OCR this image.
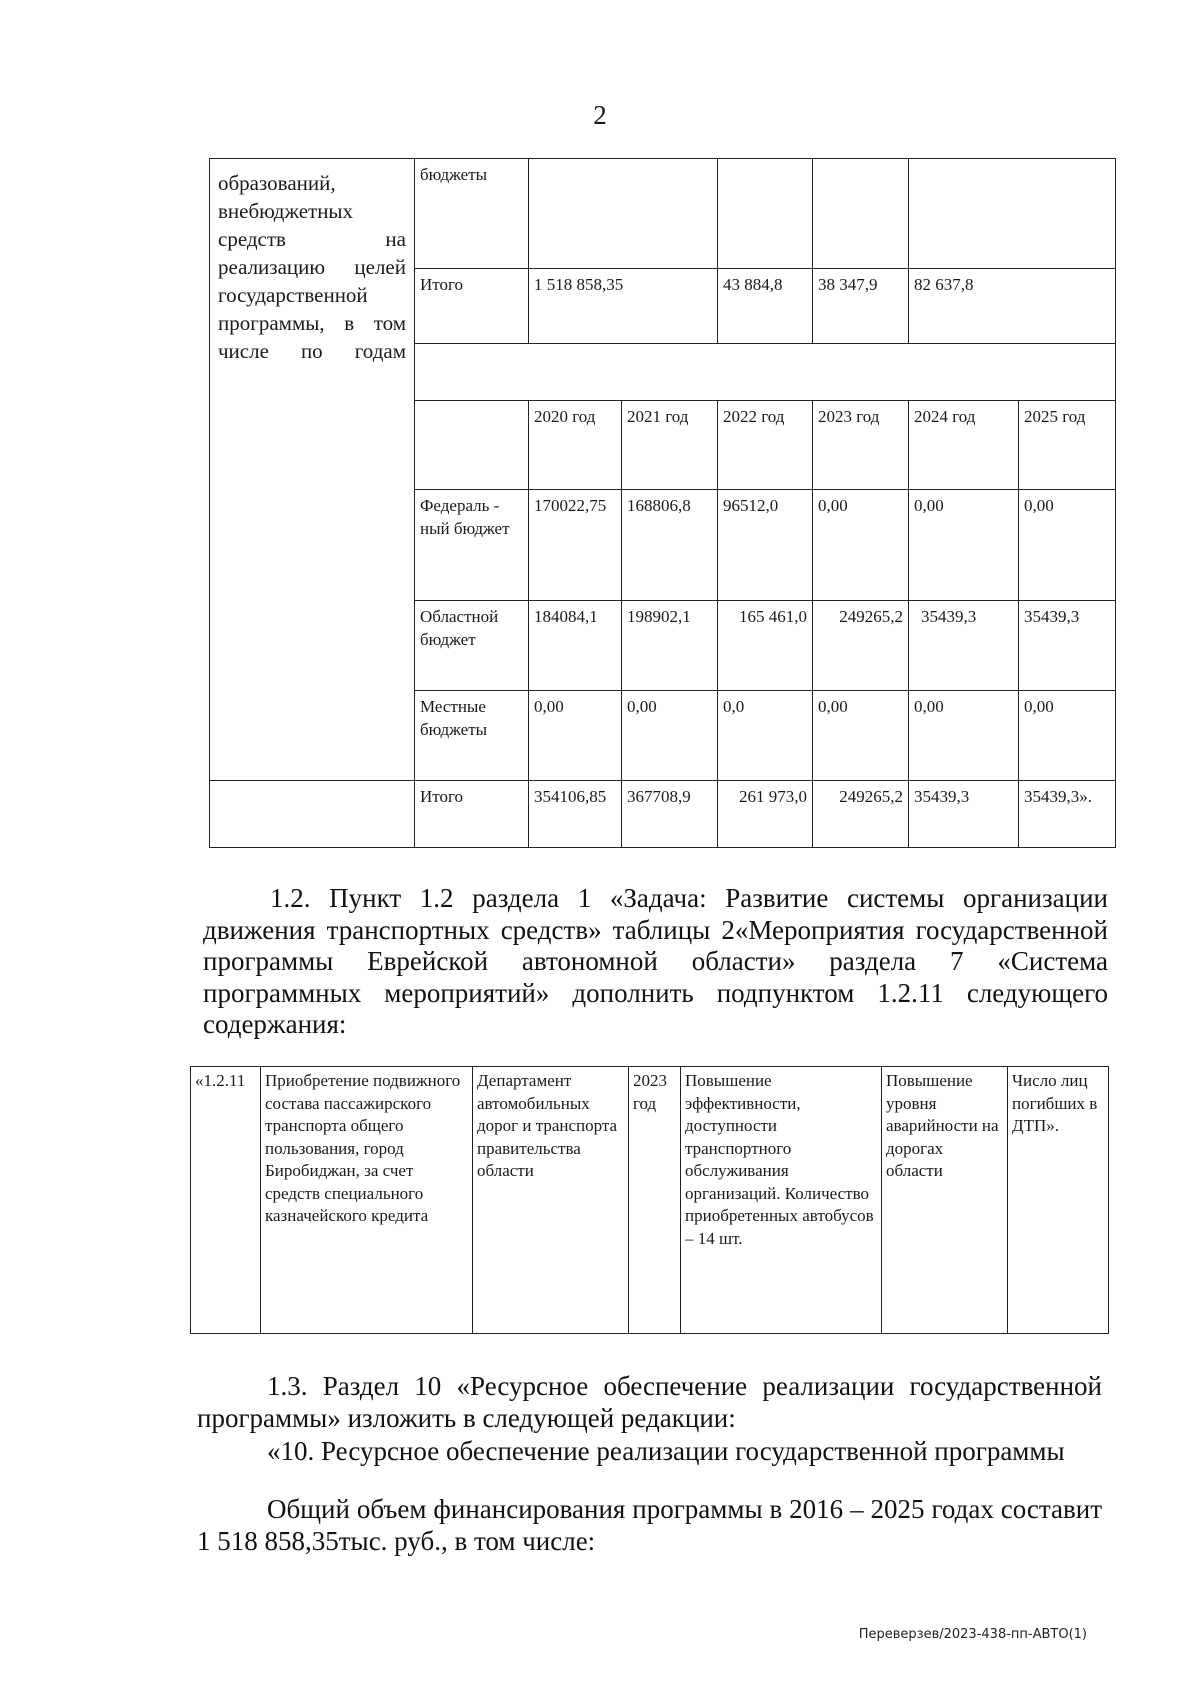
2
образований, внебюджетных средств на реализацию целей государственной программы, в том числе по годам	бюджеты							
	Итого	1 518 858,35		43 884,8	38 347,9	82 637,8	

		2020 год	2021 год	2022 год	2023 год	2024 год	2025 год	
	Федераль - ный бюджет	170022,75	168806,8	96512,0	0,00	0,00	0,00	
	Областной бюджет	184084,1	198902,1	165 461,0	249265,2	35439,3	35439,3	
	Местные бюджеты	0,00	0,00	0,0	0,00	0,00	0,00	
	Итого	354106,85	367708,9	261 973,0	249265,2	35439,3	35439,3».	
1.2. Пункт 1.2 раздела 1 «Задача: Развитие системы организации
движения транспортных средств» таблицы 2«Мероприятия государственной программы Еврейской автономной области» раздела 7 «Система программных мероприятий» дополнить подпунктом 1.2.11 следующего содержания:
«1.2.11	Приобретение подвижного состава пассажирского транспорта общего пользования, город Биробиджан, за счет средств специального казначейского кредита	Департамент автомобильных дорог и транспорта правительства области	2023 год	Повышение эффективности, доступности транспортного обслуживания организаций. Количество приобретенных автобусов – 14 шт.	Повышение уровня аварийности на дорогах области	Число лиц погибших в ДТП».
1.3. Раздел 10 «Ресурсное обеспечение реализации государственной программы» изложить в следующей редакции:
«10. Ресурсное обеспечение реализации государственной программы
Общий объем финансирования программы в 2016 – 2025 годах составит 1 518 858,35тыс. руб., в том числе:
Переверзев/2023-438-пп-АВТО(1)
